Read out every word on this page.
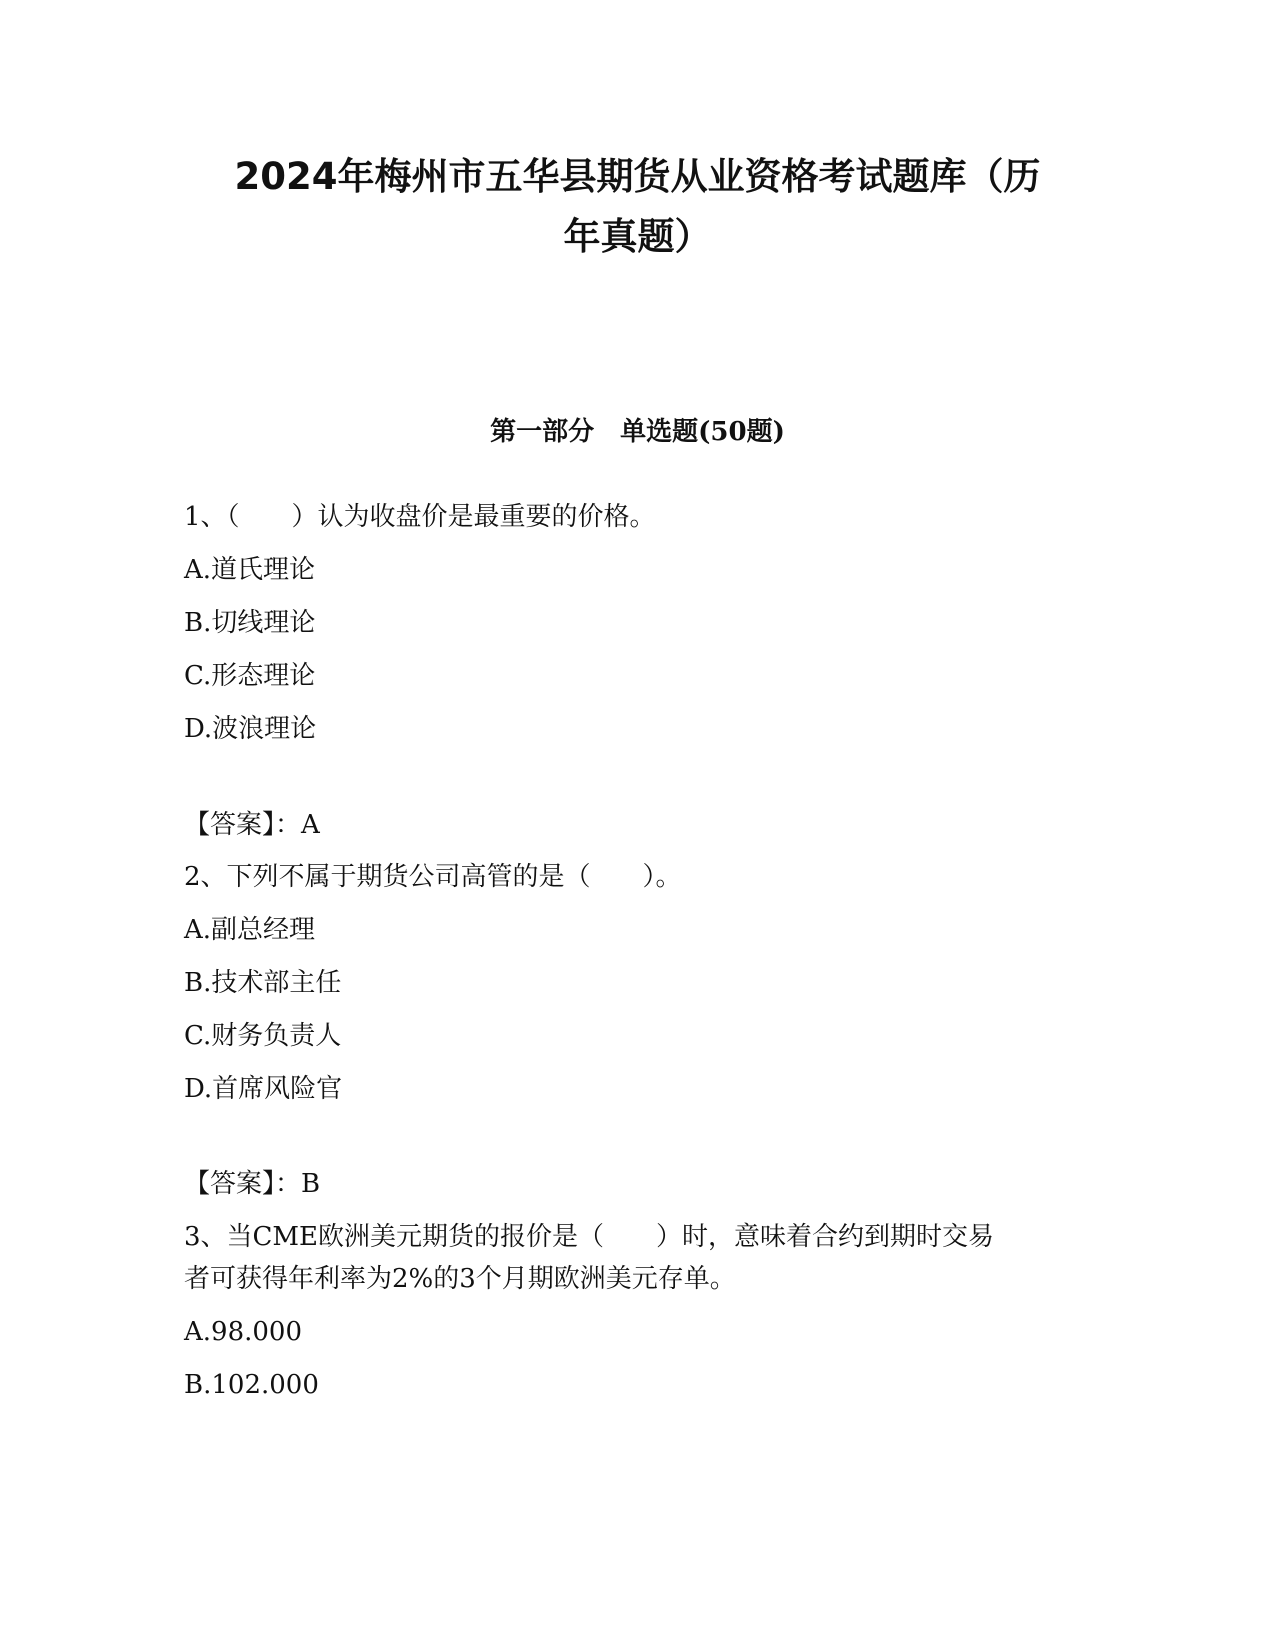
2024年梅州市五华县期货从业资格考试题库（历
年真题）
第一部分　单选题(50题)

1、（　　）认为收盘价是最重要的价格。

A.道氏理论

B.切线理论

C.形态理论

D.波浪理论

【答案】：A

2、下列不属于期货公司高管的是（　　）。

A.副总经理

B.技术部主任

C.财务负责人

D.首席风险官

【答案】：B

3、当CME欧洲美元期货的报价是（　　）时，意味着合约到期时交易

者可获得年利率为2%的3个月期欧洲美元存单。

A.98.000

B.102.000
